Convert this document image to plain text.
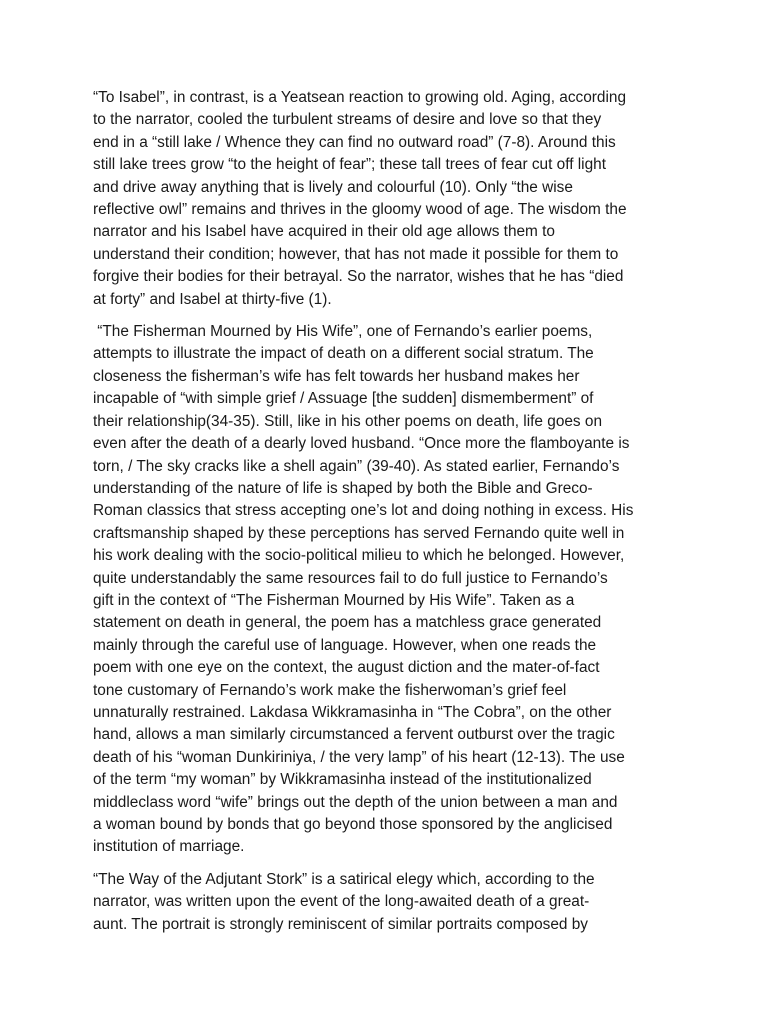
“To Isabel”, in contrast, is a Yeatsean reaction to growing old. Aging, according
to the narrator, cooled the turbulent streams of desire and love so that they
end in a “still lake / Whence they can find no outward road” (7-8). Around this
still lake trees grow “to the height of fear”; these tall trees of fear cut off light
and drive away anything that is lively and colourful (10). Only “the wise
reflective owl” remains and thrives in the gloomy wood of age. The wisdom the
narrator and his Isabel have acquired in their old age allows them to
understand their condition; however, that has not made it possible for them to
forgive their bodies for their betrayal. So the narrator, wishes that he has “died
at forty” and Isabel at thirty-five (1).

“The Fisherman Mourned by His Wife”, one of Fernando’s earlier poems,
attempts to illustrate the impact of death on a different social stratum. The
closeness the fisherman’s wife has felt towards her husband makes her
incapable of “with simple grief / Assuage [the sudden] dismemberment” of
their relationship(34-35). Still, like in his other poems on death, life goes on
even after the death of a dearly loved husband. “Once more the flamboyante is
torn, / The sky cracks like a shell again” (39-40). As stated earlier, Fernando’s
understanding of the nature of life is shaped by both the Bible and Greco-
Roman classics that stress accepting one’s lot and doing nothing in excess. His
craftsmanship shaped by these perceptions has served Fernando quite well in
his work dealing with the socio-political milieu to which he belonged. However,
quite understandably the same resources fail to do full justice to Fernando’s
gift in the context of “The Fisherman Mourned by His Wife”. Taken as a
statement on death in general, the poem has a matchless grace generated
mainly through the careful use of language. However, when one reads the
poem with one eye on the context, the august diction and the mater-of-fact
tone customary of Fernando’s work make the fisherwoman’s grief feel
unnaturally restrained. Lakdasa Wikkramasinha in “The Cobra”, on the other
hand, allows a man similarly circumstanced a fervent outburst over the tragic
death of his “woman Dunkiriniya, / the very lamp” of his heart (12-13). The use
of the term “my woman” by Wikkramasinha instead of the institutionalized
middleclass word “wife” brings out the depth of the union between a man and
a woman bound by bonds that go beyond those sponsored by the anglicised
institution of marriage.

“The Way of the Adjutant Stork” is a satirical elegy which, according to the
narrator, was written upon the event of the long-awaited death of a great-
aunt. The portrait is strongly reminiscent of similar portraits composed by
